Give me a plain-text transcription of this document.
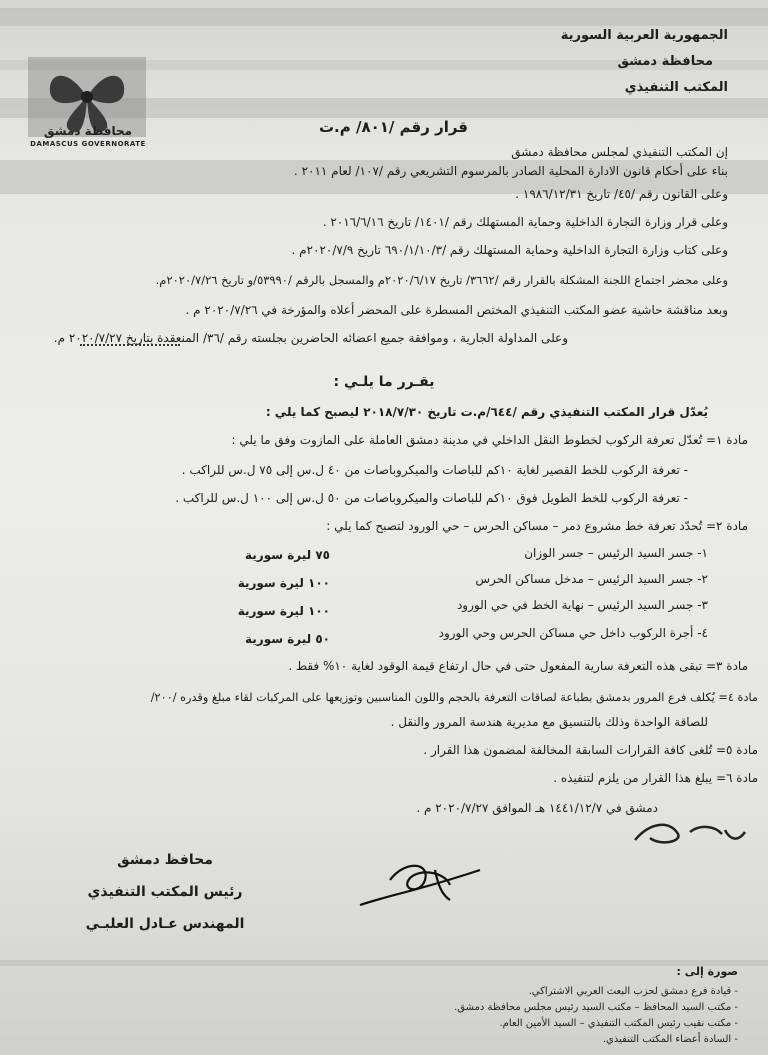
الجمهورية العربية السورية
محافظة دمشق
المكتب التنفيذي
محافظة دمشق
DAMASCUS GOVERNORATE
قرار رقم /٨٠١/ م.ت
إن المكتب التنفيذي لمجلس محافظة دمشق
بناء على أحكام قانون الادارة المحلية الصادر بالمرسوم التشريعي رقم /١٠٧/ لعام ٢٠١١ .
وعلى القانون رقم /٤٥/ تاريخ ١٩٨٦/١٢/٣١ .
وعلى قرار وزارة التجارة الداخلية وحماية المستهلك رقم /١٤٠١/ تاريخ ٢٠١٦/٦/١٦ .
وعلى كتاب وزارة التجارة الداخلية وحماية المستهلك رقم /٦٩٠/١/١٠/٣ تاريخ ٢٠٢٠/٧/٩م .
وعلى محضر اجتماع اللجنة المشكلة بالقرار رقم /٣٦٦٢/ تاريخ ٢٠٢٠/٦/١٧م والمسجل بالرقم /٥٣٩٩٠/و تاريخ ٢٠٢٠/٧/٢٦م.
وبعد مناقشة حاشية عضو المكتب التنفيذي المختص المسطرة على المحضر أعلاه والمؤرخة في ٢٠٢٠/٧/٢٦ م .
وعلى المداولة الجارية ، وموافقة جميع اعضائه الحاضرين بجلسته رقم /٣٦/ المنعقدة بتاريخ ٢٠٢٠/٧/٢٧ م.
يقـرر ما يلـي :
يُعدّل قرار المكتب التنفيذي رقم /٦٤٤/م.ت تاريخ ٢٠١٨/٧/٣٠ ليصبح كما يلي :
مادة ١= تُعدّل تعرفة الركوب لخطوط النقل الداخلي في مدينة دمشق العاملة على المازوت وفق ما يلي :
- تعرفة الركوب للخط القصير لغاية ١٠كم للباصات والميكروباصات من ٤٠ ل.س إلى ٧٥ ل.س للراكب .
- تعرفة الركوب للخط الطويل فوق ١٠كم للباصات والميكروباصات من ٥٠ ل.س إلى ١٠٠ ل.س للراكب .
مادة ٢= تُحدّد تعرفة خط مشروع دمر – مساكن الحرس – حي الورود لتصبح كما يلي :
١- جسر السيد الرئيس – جسر الوزان
٧٥ ليرة سورية
٢- جسر السيد الرئيس – مدخل مساكن الحرس
١٠٠ ليرة سورية
٣- جسر السيد الرئيس – نهاية الخط في حي الورود
١٠٠ ليرة سورية
٤- أجرة الركوب داخل حي مساكن الحرس وحي الورود
٥٠ ليرة سورية
مادة ٣= تبقى هذه التعرفة سارية المفعول حتى في حال ارتفاع قيمة الوقود لغاية ١٠% فقط .
مادة ٤= يُكلف فرع المرور بدمشق بطباعة لصاقات التعرفة بالحجم واللون المناسبين وتوزيعها على المركبات لقاء مبلغ وقدره /٢٠٠/
للصاقة الواحدة وذلك بالتنسيق مع مديرية هندسة المرور والنقل .
مادة ٥= تُلغى كافة القرارات السابقة المخالفة لمضمون هذا القرار .
مادة ٦= يبلغ هذا القرار من يلزم لتنفيذه .
دمشق في ١٤٤١/١٢/٧ هـ الموافق ٢٠٢٠/٧/٢٧ م .
محافظ دمشق
رئيس المكتب التنفيذي
المهندس عـادل العلبـي
صورة إلى :
- قيادة فرع دمشق لحزب البعث العربي الاشتراكي.
- مكتب السيد المحافظ – مكتب السيد رئيس مجلس محافظة دمشق.
- مكتب نقيب رئيس المكتب التنفيذي – السيد الأمين العام.
- السادة أعضاء المكتب التنفيذي.
